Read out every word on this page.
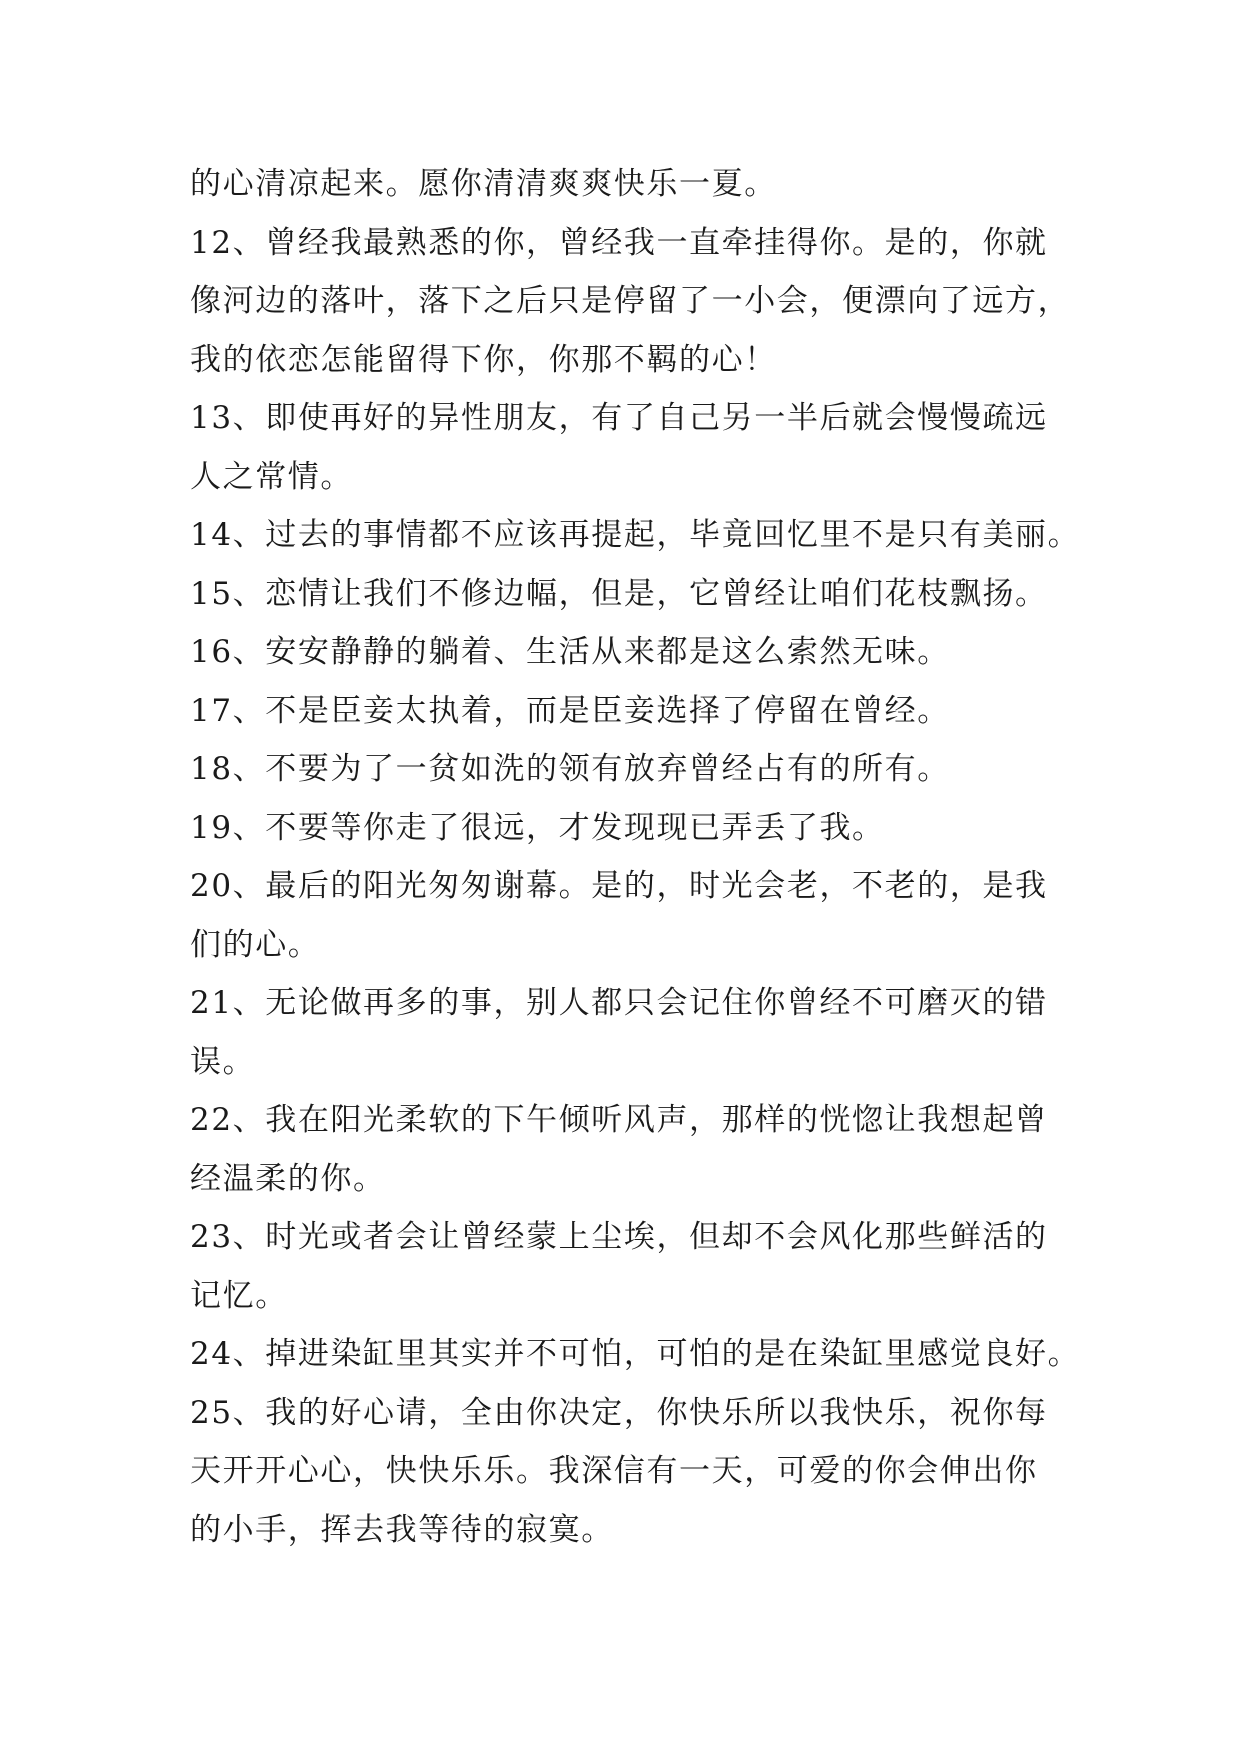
的心清凉起来。愿你清清爽爽快乐一夏。
12、曾经我最熟悉的你，曾经我一直牵挂得你。是的，你就
像河边的落叶，落下之后只是停留了一小会，便漂向了远方，
我的依恋怎能留得下你，你那不羁的心！
13、即使再好的异性朋友，有了自己另一半后就会慢慢疏远
人之常情。
14、过去的事情都不应该再提起，毕竟回忆里不是只有美丽。
15、恋情让我们不修边幅，但是，它曾经让咱们花枝飘扬。
16、安安静静的躺着、生活从来都是这么索然无味。
17、不是臣妾太执着，而是臣妾选择了停留在曾经。
18、不要为了一贫如洗的领有放弃曾经占有的所有。
19、不要等你走了很远，才发现现已弄丢了我。
20、最后的阳光匆匆谢幕。是的，时光会老，不老的，是我
们的心。
21、无论做再多的事，别人都只会记住你曾经不可磨灭的错
误。
22、我在阳光柔软的下午倾听风声，那样的恍惚让我想起曾
经温柔的你。
23、时光或者会让曾经蒙上尘埃，但却不会风化那些鲜活的
记忆。
24、掉进染缸里其实并不可怕，可怕的是在染缸里感觉良好。
25、我的好心请，全由你决定，你快乐所以我快乐，祝你每
天开开心心，快快乐乐。我深信有一天，可爱的你会伸出你
的小手，挥去我等待的寂寞。
